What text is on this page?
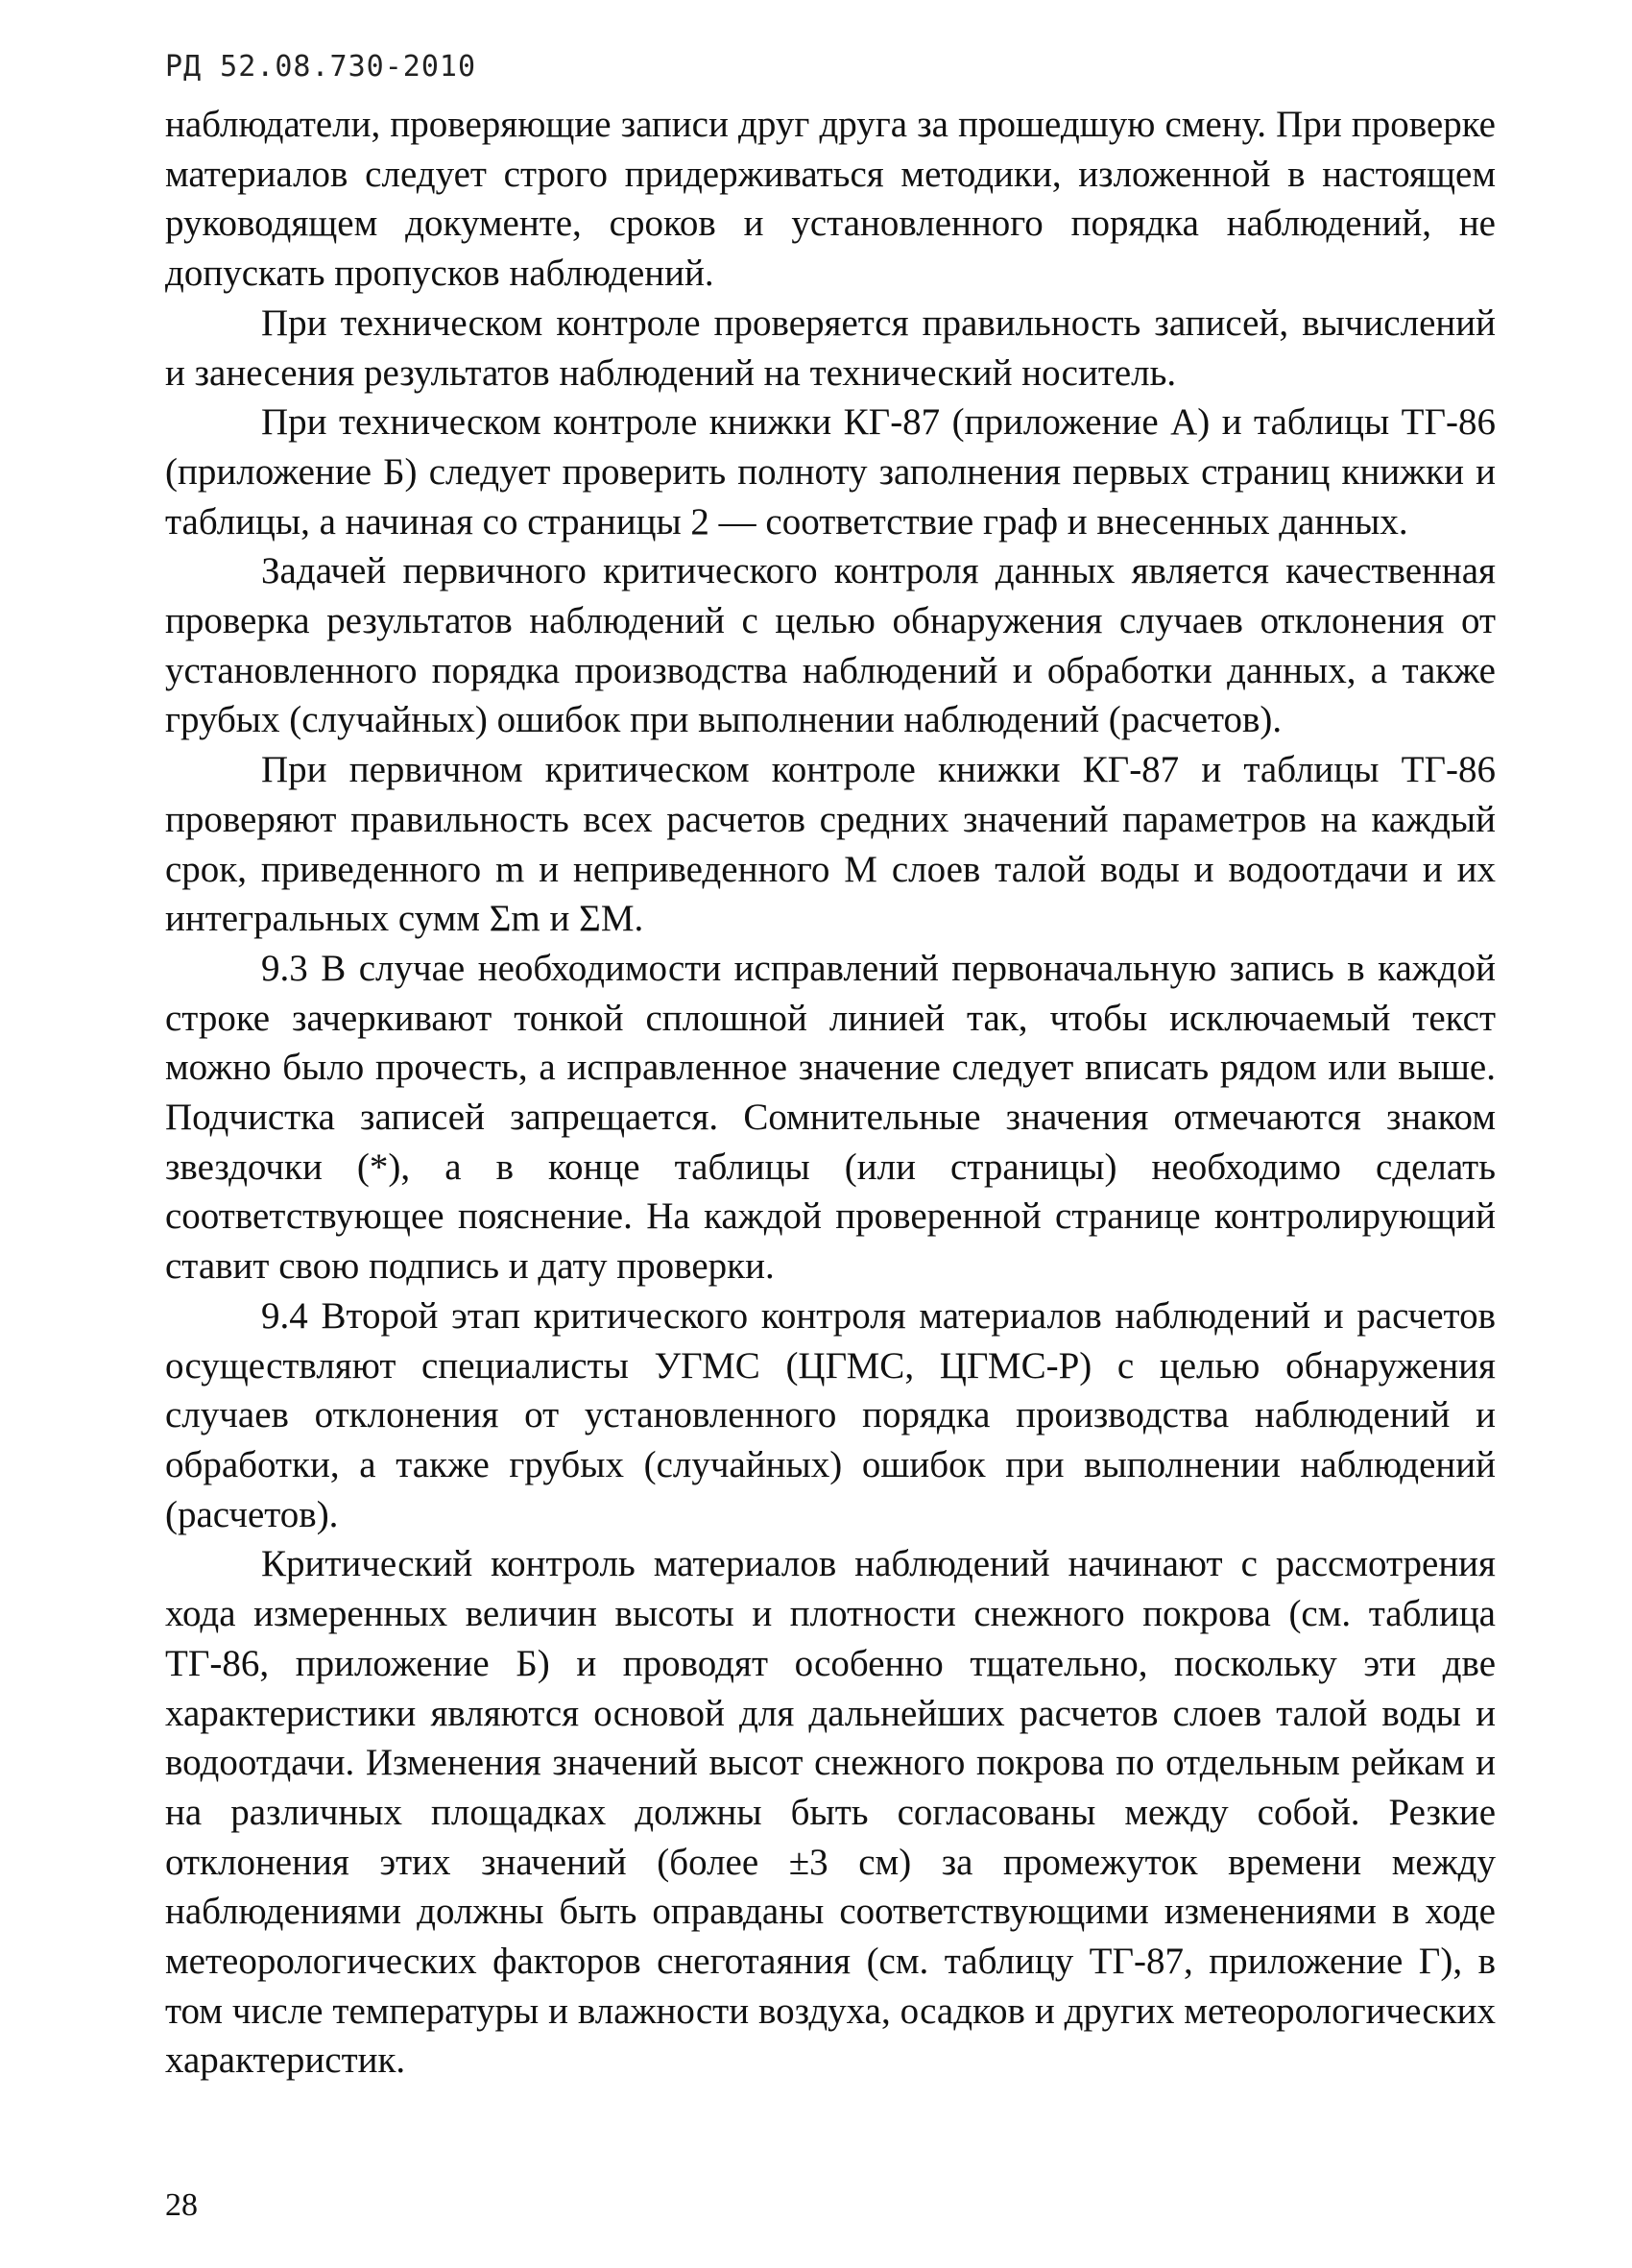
РД 52.08.730-2010

наблюдатели, проверяющие записи друг друга за прошедшую смену. При проверке материалов следует строго придерживаться методики, изложенной в настоящем руководящем документе, сроков и установленного порядка наблюдений, не допускать пропусков наблюдений.

При техническом контроле проверяется правильность записей, вычислений и занесения результатов наблюдений на технический носитель.

При техническом контроле книжки КГ-87 (приложение А) и таблицы ТГ-86 (приложение Б) следует проверить полноту заполнения первых страниц книжки и таблицы, а начиная со страницы 2 — соответствие граф и внесенных данных.

Задачей первичного критического контроля данных является качественная проверка результатов наблюдений с целью обнаружения случаев отклонения от установленного порядка производства наблюдений и обработки данных, а также грубых (случайных) ошибок при выполнении наблюдений (расчетов).

При первичном критическом контроле книжки КГ-87 и таблицы ТГ-86 проверяют правильность всех расчетов средних значений параметров на каждый срок, приведенного m и неприведенного M слоев талой воды и водоотдачи и их интегральных сумм Σm и ΣM.

9.3 В случае необходимости исправлений первоначальную запись в каждой строке зачеркивают тонкой сплошной линией так, чтобы исключаемый текст можно было прочесть, а исправленное значение следует вписать рядом или выше. Подчистка записей запрещается. Сомнительные значения отмечаются знаком звездочки (*), а в конце таблицы (или страницы) необходимо сделать соответствующее пояснение. На каждой проверенной странице контролирующий ставит свою подпись и дату проверки.

9.4 Второй этап критического контроля материалов наблюдений и расчетов осуществляют специалисты УГМС (ЦГМС, ЦГМС-Р) с целью обнаружения случаев отклонения от установленного порядка производства наблюдений и обработки, а также грубых (случайных) ошибок при выполнении наблюдений (расчетов).

Критический контроль материалов наблюдений начинают с рассмотрения хода измеренных величин высоты и плотности снежного покрова (см. таблица ТГ-86, приложение Б) и проводят особенно тщательно, поскольку эти две характеристики являются основой для дальнейших расчетов слоев талой воды и водоотдачи. Изменения значений высот снежного покрова по отдельным рейкам и на различных площадках должны быть согласованы между собой. Резкие отклонения этих значений (более ±3 см) за промежуток времени между наблюдениями должны быть оправданы соответствующими изменениями в ходе метеорологических факторов снеготаяния (см. таблицу ТГ-87, приложение Г), в том числе температуры и влажности воздуха, осадков и других метеорологических характеристик.

28
